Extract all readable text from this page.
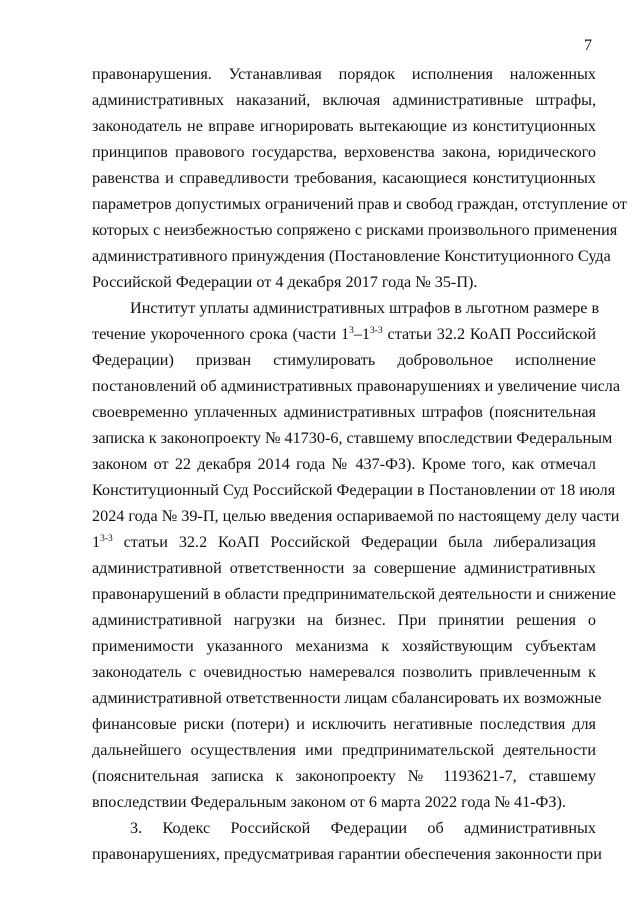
7
правонарушения. Устанавливая порядок исполнения наложенных
административных наказаний, включая административные штрафы,
законодатель не вправе игнорировать вытекающие из конституционных
принципов правового государства, верховенства закона, юридического
равенства и справедливости требования, касающиеся конституционных
параметров допустимых ограничений прав и свобод граждан, отступление от
которых с неизбежностью сопряжено с рисками произвольного применения
административного принуждения (Постановление Конституционного Суда
Российской Федерации от 4 декабря 2017 года № 35-П).
Институт уплаты административных штрафов в льготном размере в
течение укороченного срока (части $1^3-1^{3-3}$ статьи 32.2 КоАП Российской
Федерации) призван стимулировать добровольное исполнение
постановлений об административных правонарушениях и увеличение числа
своевременно уплаченных административных штрафов (пояснительная
записка к законопроекту № 41730-6, ставшему впоследствии Федеральным
законом от 22 декабря 2014 года № 437-ФЗ). Кроме того, как отмечал
Конституционный Суд Российской Федерации в Постановлении от 18 июля
2024 года № 39-П, целью введения оспариваемой по настоящему делу части
1$^{3-3}$ статьи 32.2 КоАП Российской Федерации была либерализация
административной ответственности за совершение административных
правонарушений в области предпринимательской деятельности и снижение
административной нагрузки на бизнес. При принятии решения о
применимости указанного механизма к хозяйствующим субъектам
законодатель с очевидностью намеревался позволить привлеченным к
административной ответственности лицам сбалансировать их возможные
финансовые риски (потери) и исключить негативные последствия для
дальнейшего осуществления ими предпринимательской деятельности
(пояснительная записка к законопроекту № 1193621-7, ставшему
впоследствии Федеральным законом от 6 марта 2022 года № 41-ФЗ).
3. Кодекс Российской Федерации об административных
правонарушениях, предусматривая гарантии обеспечения законности при
